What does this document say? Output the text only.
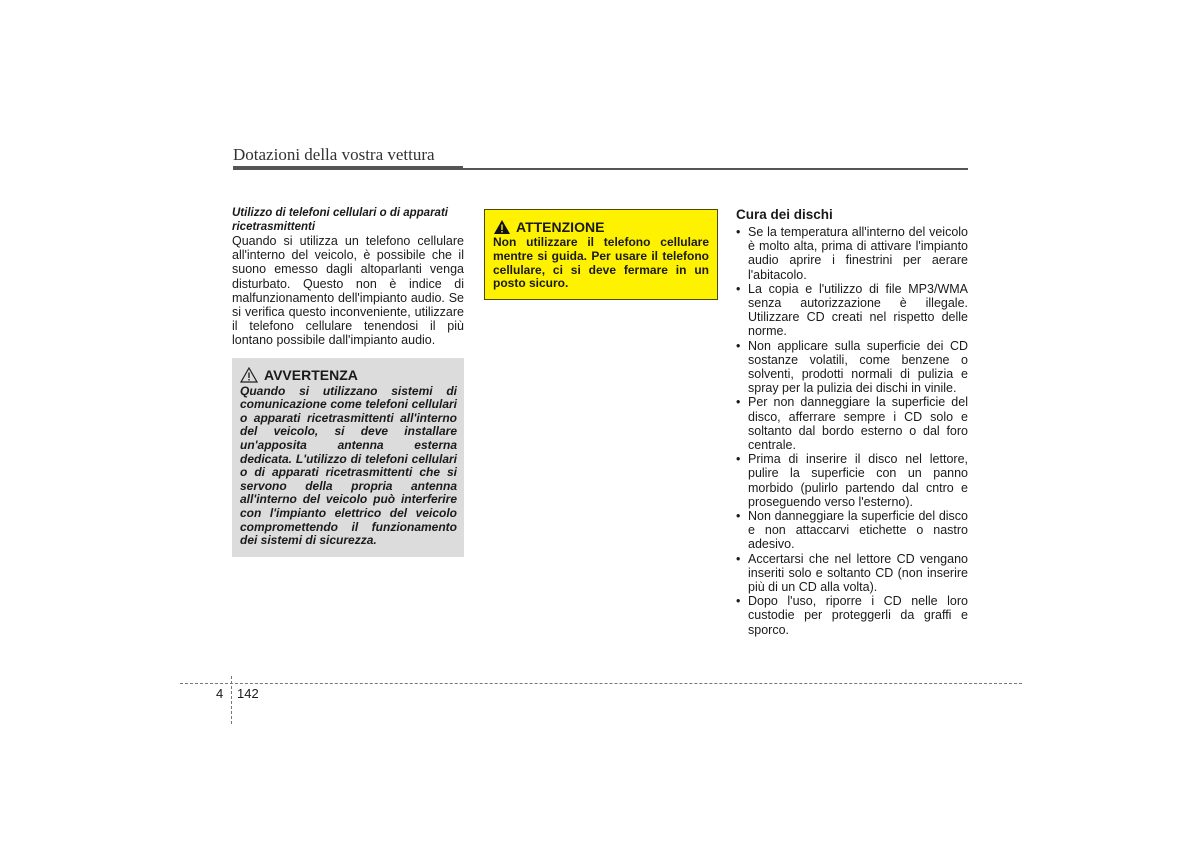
Dotazioni della vostra vettura

Utilizzo di telefoni cellulari o di apparati ricetrasmittenti

Quando si utilizza un telefono cellulare all'interno del veicolo, è possibile che il suono emesso dagli altoparlanti venga disturbato. Questo non è indice di malfunzionamento dell'impianto audio. Se si verifica questo inconveniente, utilizzare il telefono cellulare tenendosi il più lontano possibile dall'impianto audio.

AVVERTENZA

Quando si utilizzano sistemi di comunicazione come telefoni cellulari o apparati ricetrasmittenti all'interno del veicolo, si deve installare un'apposita antenna esterna dedicata. L'utilizzo di telefoni cellulari o di apparati ricetrasmittenti che si servono della propria antenna all'interno del veicolo può interferire con l'impianto elettrico del veicolo compromettendo il funzionamento dei sistemi di sicurezza.

ATTENZIONE

Non utilizzare il telefono cellulare mentre si guida. Per usare il telefono cellulare, ci si deve fermare in un posto sicuro.

Cura dei dischi

• Se la temperatura all'interno del veicolo è molto alta, prima di attivare l'impianto audio aprire i finestrini per aerare l'abitacolo.
• La copia e l'utilizzo di file MP3/WMA senza autorizzazione è illegale. Utilizzare CD creati nel rispetto delle norme.
• Non applicare sulla superficie dei CD sostanze volatili, come benzene o solventi, prodotti normali di pulizia e spray per la pulizia dei dischi in vinile.
• Per non danneggiare la superficie del disco, afferrare sempre i CD solo e soltanto dal bordo esterno o dal foro centrale.
• Prima di inserire il disco nel lettore, pulire la superficie con un panno morbido (pulirlo partendo dal cntro e proseguendo verso l'esterno).
• Non danneggiare la superficie del disco e non attaccarvi etichette o nastro adesivo.
• Accertarsi che nel lettore CD vengano inseriti solo e soltanto CD (non inserire più di un CD alla volta).
• Dopo l'uso, riporre i CD nelle loro custodie per proteggerli da graffi e sporco.
4 142
